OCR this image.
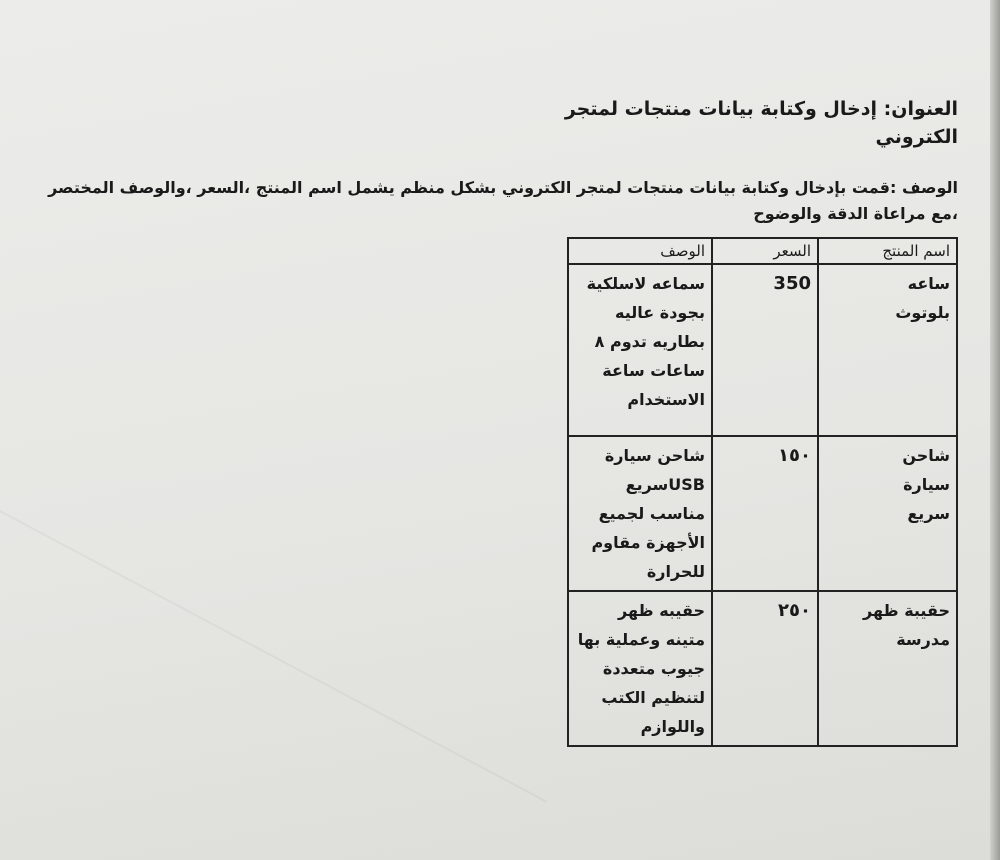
العنوان: إدخال وكتابة بيانات منتجات لمتجر الكتروني

الوصف :قمت بإدخال وكتابة بيانات منتجات لمتجر الكتروني بشكل منظم يشمل اسم المنتج ،السعر ،والوصف المختصر ،مع مراعاة الدقة والوضوح
اسم المنتج	السعر	الوصف

ساعه بلوتوث	350	سماعه لاسلكية بجودة عاليه بطاريه تدوم ٨ ساعات ساعة الاستخدام

شاحن سيارة سريع	١٥٠	شاحن سيارة USBسريع مناسب لجميع الأجهزة مقاوم للحرارة

حقيبة ظهر مدرسة	٢٥٠	حقيبه ظهر متينه وعملية بها جيوب متعددة لتنظيم الكتب واللوازم
